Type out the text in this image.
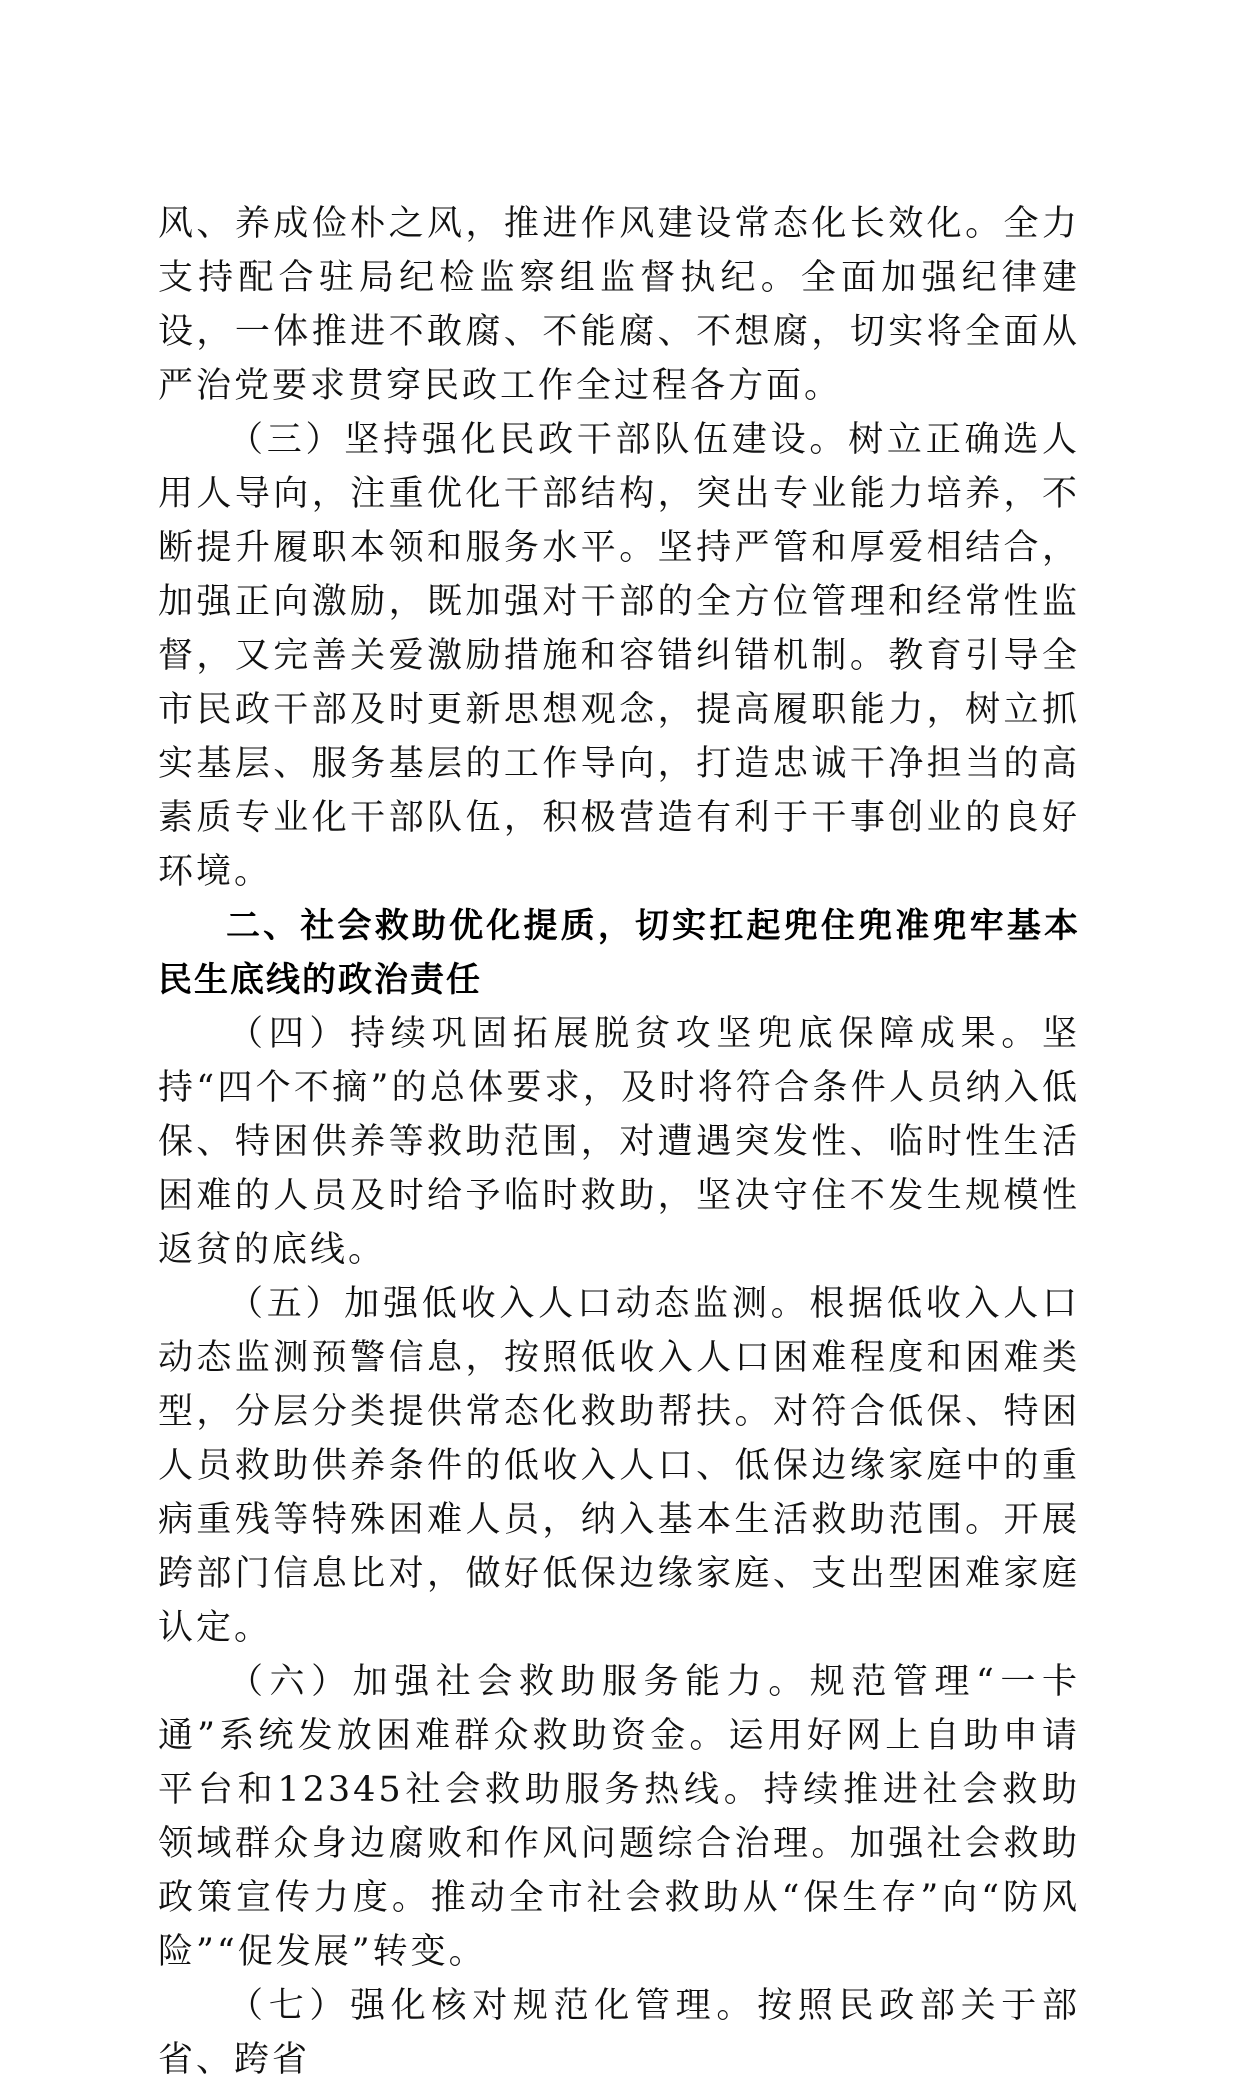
风、养成俭朴之风，推进作风建设常态化长效化。全力支持配合驻局纪检监察组监督执纪。全面加强纪律建设，一体推进不敢腐、不能腐、不想腐，切实将全面从严治党要求贯穿民政工作全过程各方面。

（三）坚持强化民政干部队伍建设。树立正确选人用人导向，注重优化干部结构，突出专业能力培养，不断提升履职本领和服务水平。坚持严管和厚爱相结合，加强正向激励，既加强对干部的全方位管理和经常性监督，又完善关爱激励措施和容错纠错机制。教育引导全市民政干部及时更新思想观念，提高履职能力，树立抓实基层、服务基层的工作导向，打造忠诚干净担当的高素质专业化干部队伍，积极营造有利于干事创业的良好环境。

二、社会救助优化提质，切实扛起兜住兜准兜牢基本民生底线的政治责任

（四）持续巩固拓展脱贫攻坚兜底保障成果。坚持“四个不摘”的总体要求，及时将符合条件人员纳入低保、特困供养等救助范围，对遭遇突发性、临时性生活困难的人员及时给予临时救助，坚决守住不发生规模性返贫的底线。

（五）加强低收入人口动态监测。根据低收入人口动态监测预警信息，按照低收入人口困难程度和困难类型，分层分类提供常态化救助帮扶。对符合低保、特困人员救助供养条件的低收入人口、低保边缘家庭中的重病重残等特殊困难人员，纳入基本生活救助范围。开展跨部门信息比对，做好低保边缘家庭、支出型困难家庭认定。

（六）加强社会救助服务能力。规范管理“一卡通”系统发放困难群众救助资金。运用好网上自助申请平台和12345社会救助服务热线。持续推进社会救助领域群众身边腐败和作风问题综合治理。加强社会救助政策宣传力度。推动全市社会救助从“保生存”向“防风险”“促发展”转变。

（七）强化核对规范化管理。按照民政部关于部省、跨省
